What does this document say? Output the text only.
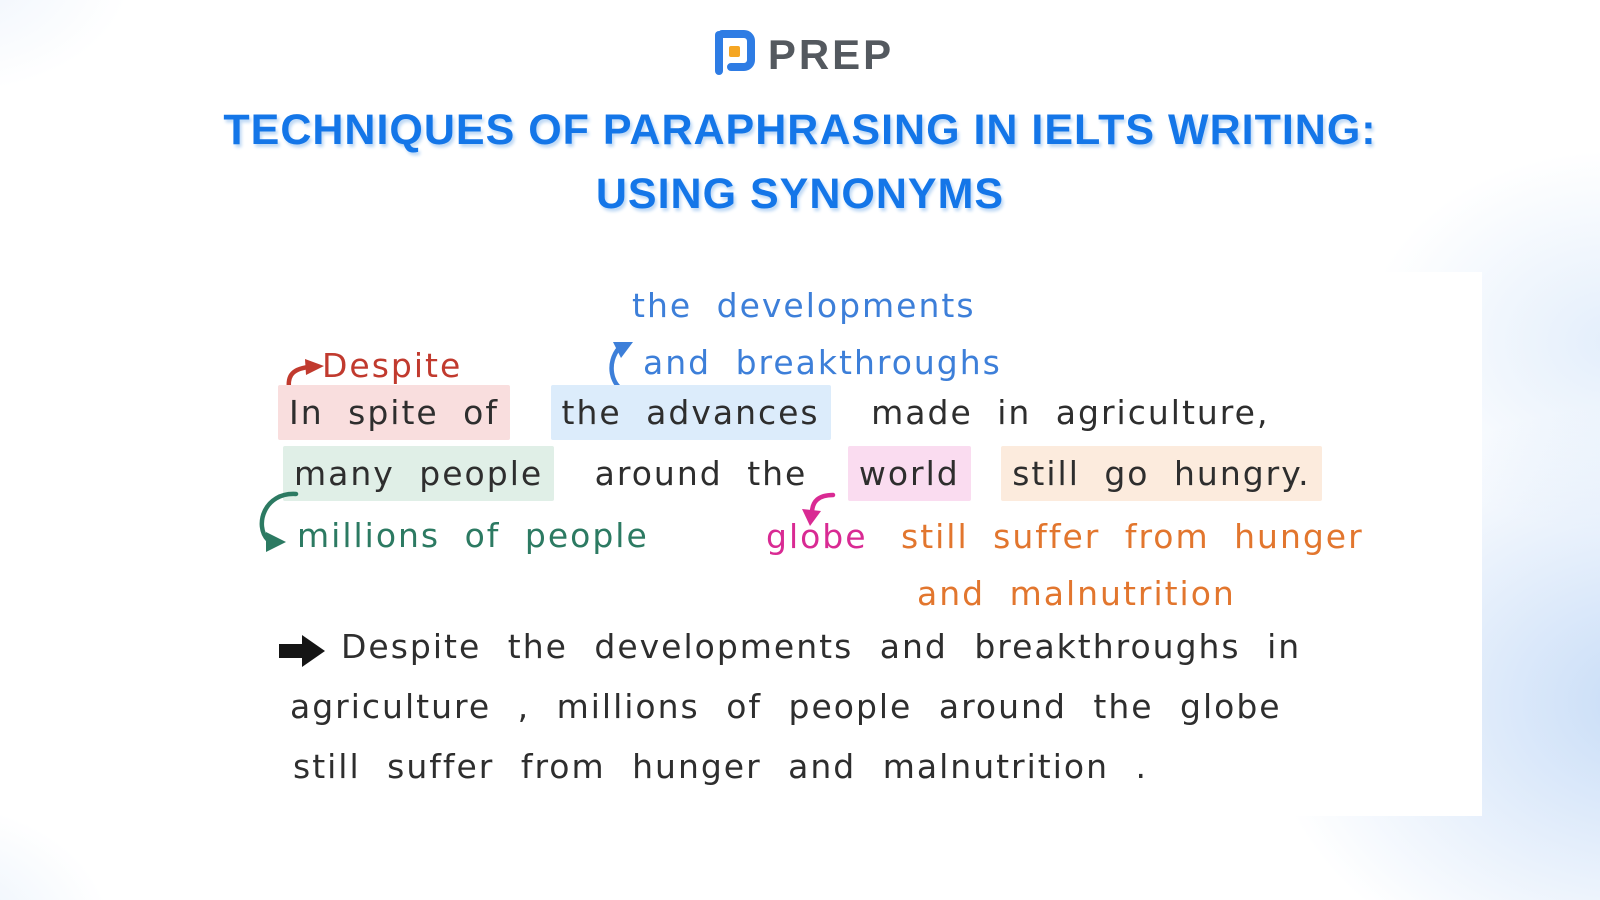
PREP
TECHNIQUES OF PARAPHRASING IN IELTS WRITING:
USING SYNONYMS
the developments
and breakthroughs
Despite
In spite of the advances made in agriculture,
many people around the world still go hungry.
millions of people	globe still suffer from hunger
and malnutrition
Despite the developments and breakthroughs in
agriculture , millions of people around the globe
still suffer from hunger and malnutrition .
